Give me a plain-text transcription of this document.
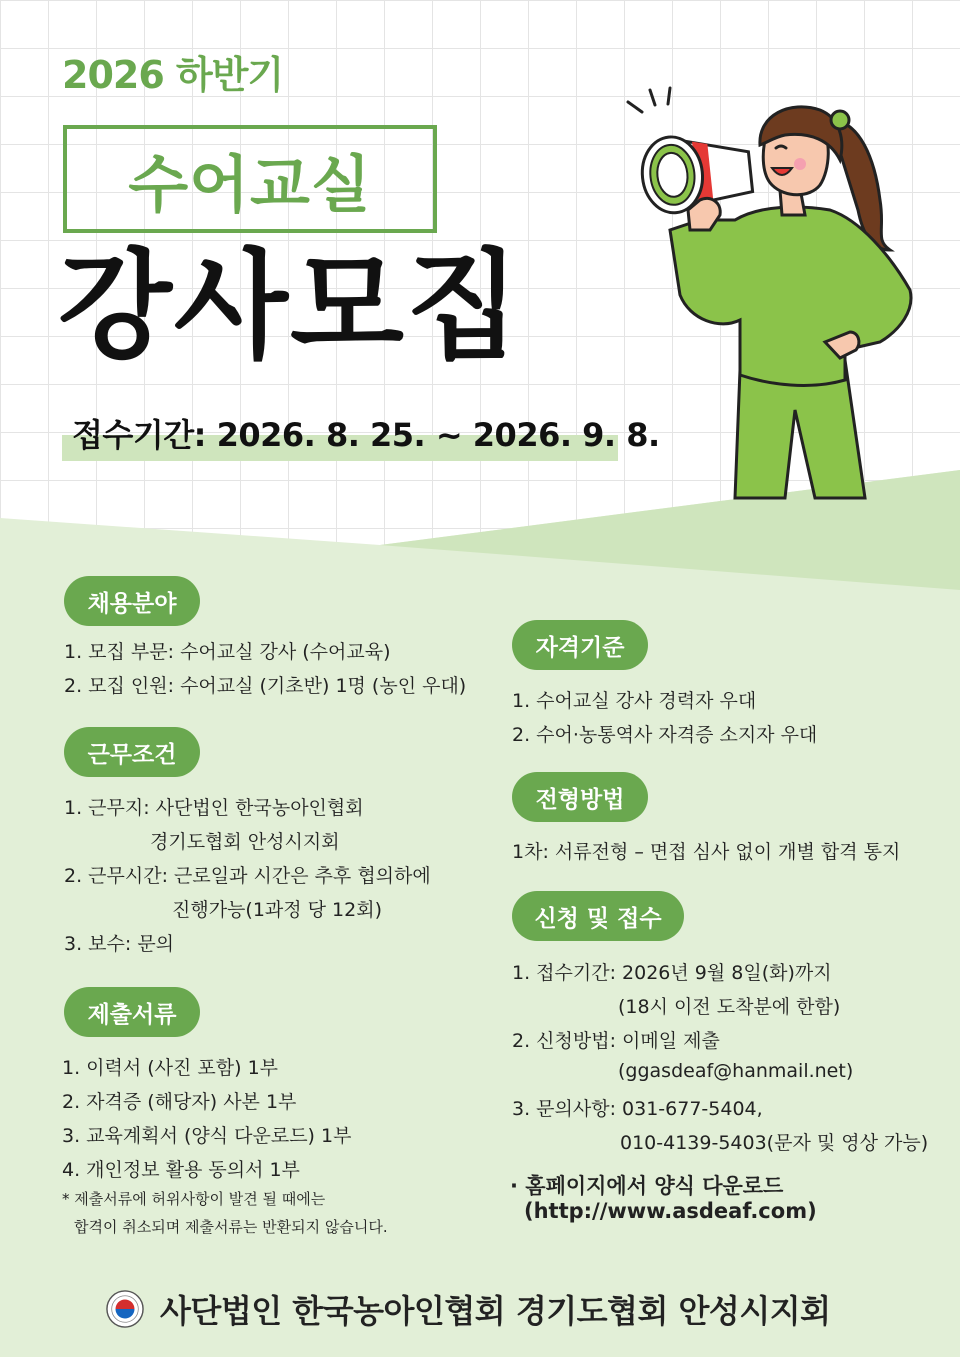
2026 하반기
수어교실
강사모집
접수기간: 2026. 8. 25. ~ 2026. 9. 8.
채용분야
1. 모집 부문: 수어교실 강사 (수어교육)
2. 모집 인원: 수어교실 (기초반) 1명 (농인 우대)
근무조건
1. 근무지: 사단법인 한국농아인협회
경기도협회 안성시지회
2. 근무시간: 근로일과 시간은 추후 협의하에
진행가능(1과정 당 12회)
3. 보수: 문의
제출서류
1. 이력서 (사진 포함) 1부
2. 자격증 (해당자) 사본 1부
3. 교육계획서 (양식 다운로드) 1부
4. 개인정보 활용 동의서 1부
* 제출서류에 허위사항이 발견 될 때에는
합격이 취소되며 제출서류는 반환되지 않습니다.
자격기준
1. 수어교실 강사 경력자 우대
2. 수어·농통역사 자격증 소지자 우대
전형방법
1차: 서류전형 – 면접 심사 없이 개별 합격 통지
신청 및 접수
1. 접수기간: 2026년 9월 8일(화)까지
(18시 이전 도착분에 한함)
2. 신청방법: 이메일 제출
(ggasdeaf@hanmail.net)
3. 문의사항: 031-677-5404,
010-4139-5403(문자 및 영상 가능)
· 홈페이지에서 양식 다운로드
(http://www.asdeaf.com)
사단법인 한국농아인협회 경기도협회 안성시지회
